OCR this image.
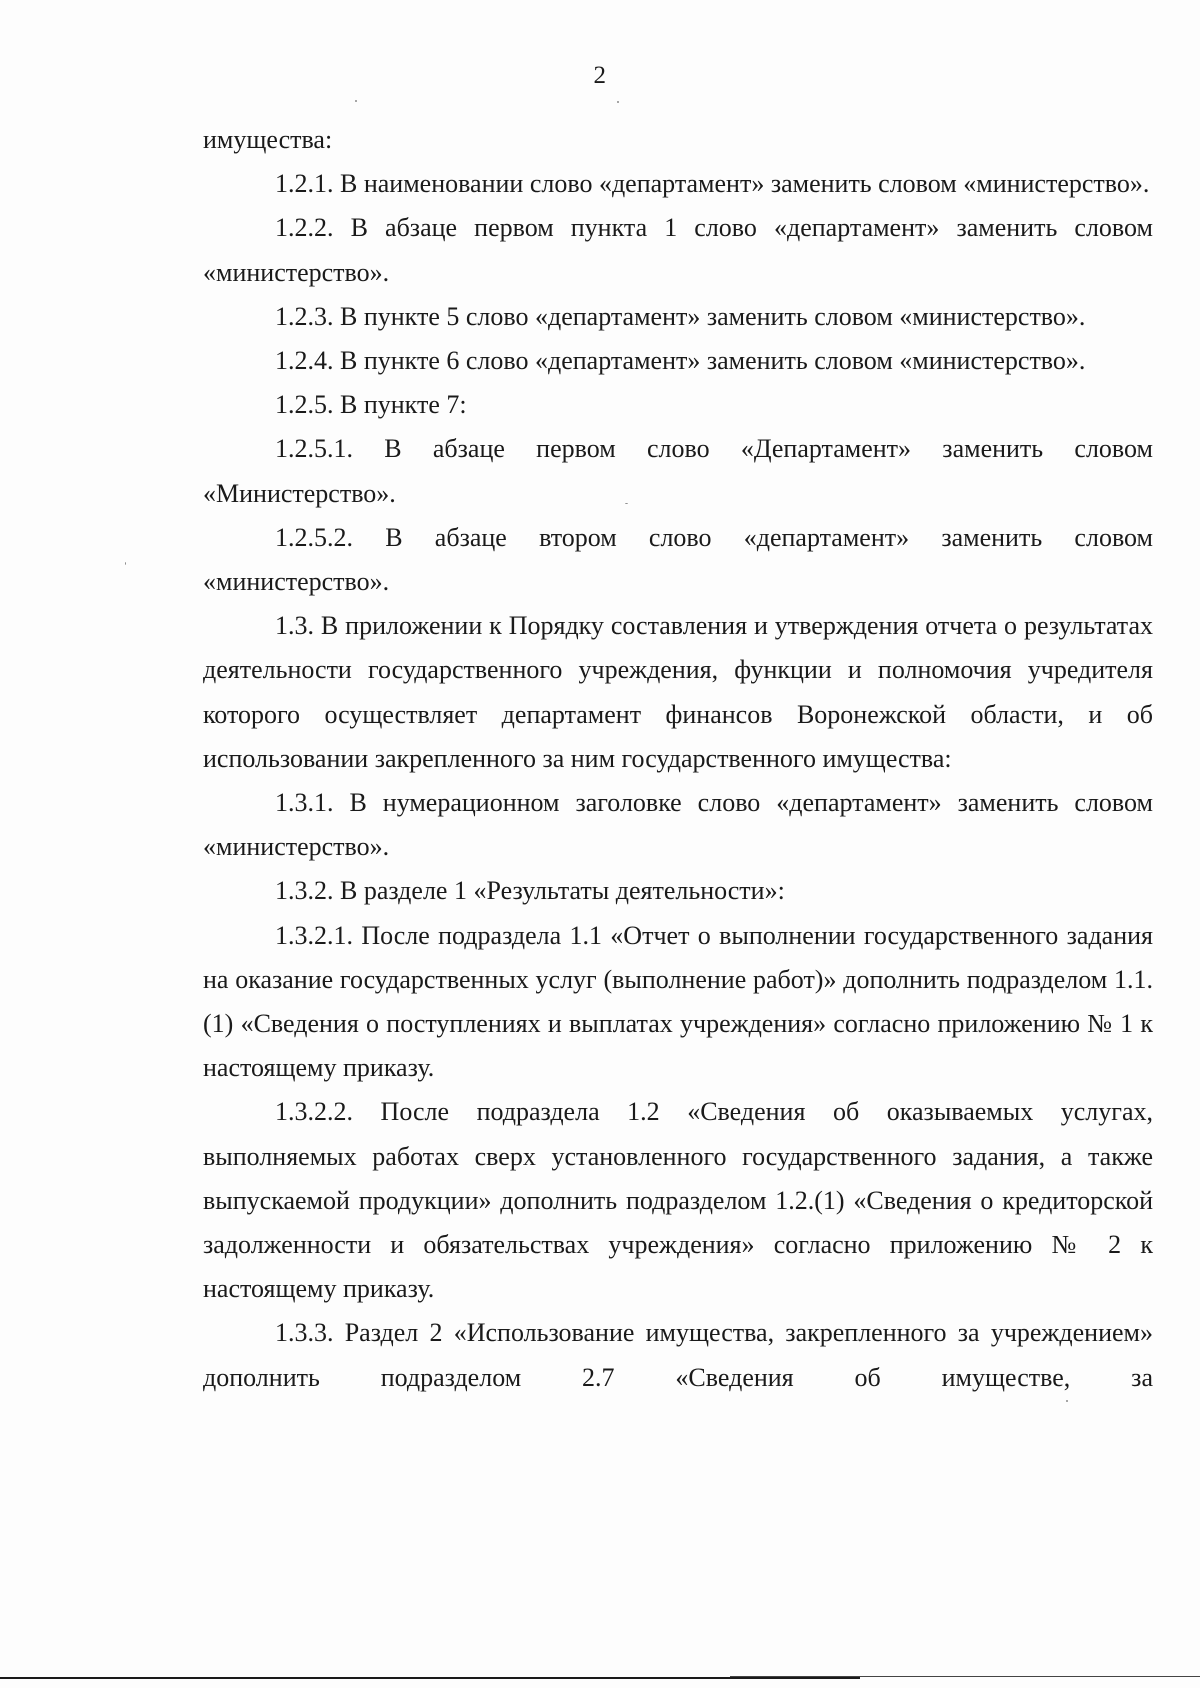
2

имущества:

1.2.1. В наименовании слово «департамент» заменить словом «министерство».

1.2.2. В абзаце первом пункта 1 слово «департамент» заменить словом «министерство».

1.2.3. В пункте 5 слово «департамент» заменить словом «министерство».

1.2.4. В пункте 6 слово «департамент» заменить словом «министерство».

1.2.5. В пункте 7:

1.2.5.1. В абзаце первом слово «Департамент» заменить словом «Министерство».

1.2.5.2. В абзаце втором слово «департамент» заменить словом «министерство».

1.3. В приложении к Порядку составления и утверждения отчета о результатах деятельности государственного учреждения, функции и полномочия учредителя которого осуществляет департамент финансов Воронежской области, и об использовании закрепленного за ним государственного имущества:

1.3.1. В нумерационном заголовке слово «департамент» заменить словом «министерство».

1.3.2. В разделе 1 «Результаты деятельности»:

1.3.2.1. После подраздела 1.1 «Отчет о выполнении государственного задания на оказание государственных услуг (выполнение работ)» дополнить подразделом 1.1.(1) «Сведения о поступлениях и выплатах учреждения» согласно приложению № 1 к настоящему приказу.

1.3.2.2. После подраздела 1.2 «Сведения об оказываемых услугах, выполняемых работах сверх установленного государственного задания, а также выпускаемой продукции» дополнить подразделом 1.2.(1) «Сведения о кредиторской задолженности и обязательствах учреждения» согласно приложению № 2 к настоящему приказу.

1.3.3. Раздел 2 «Использование имущества, закрепленного за учреждением» дополнить подразделом 2.7 «Сведения об имуществе, за
